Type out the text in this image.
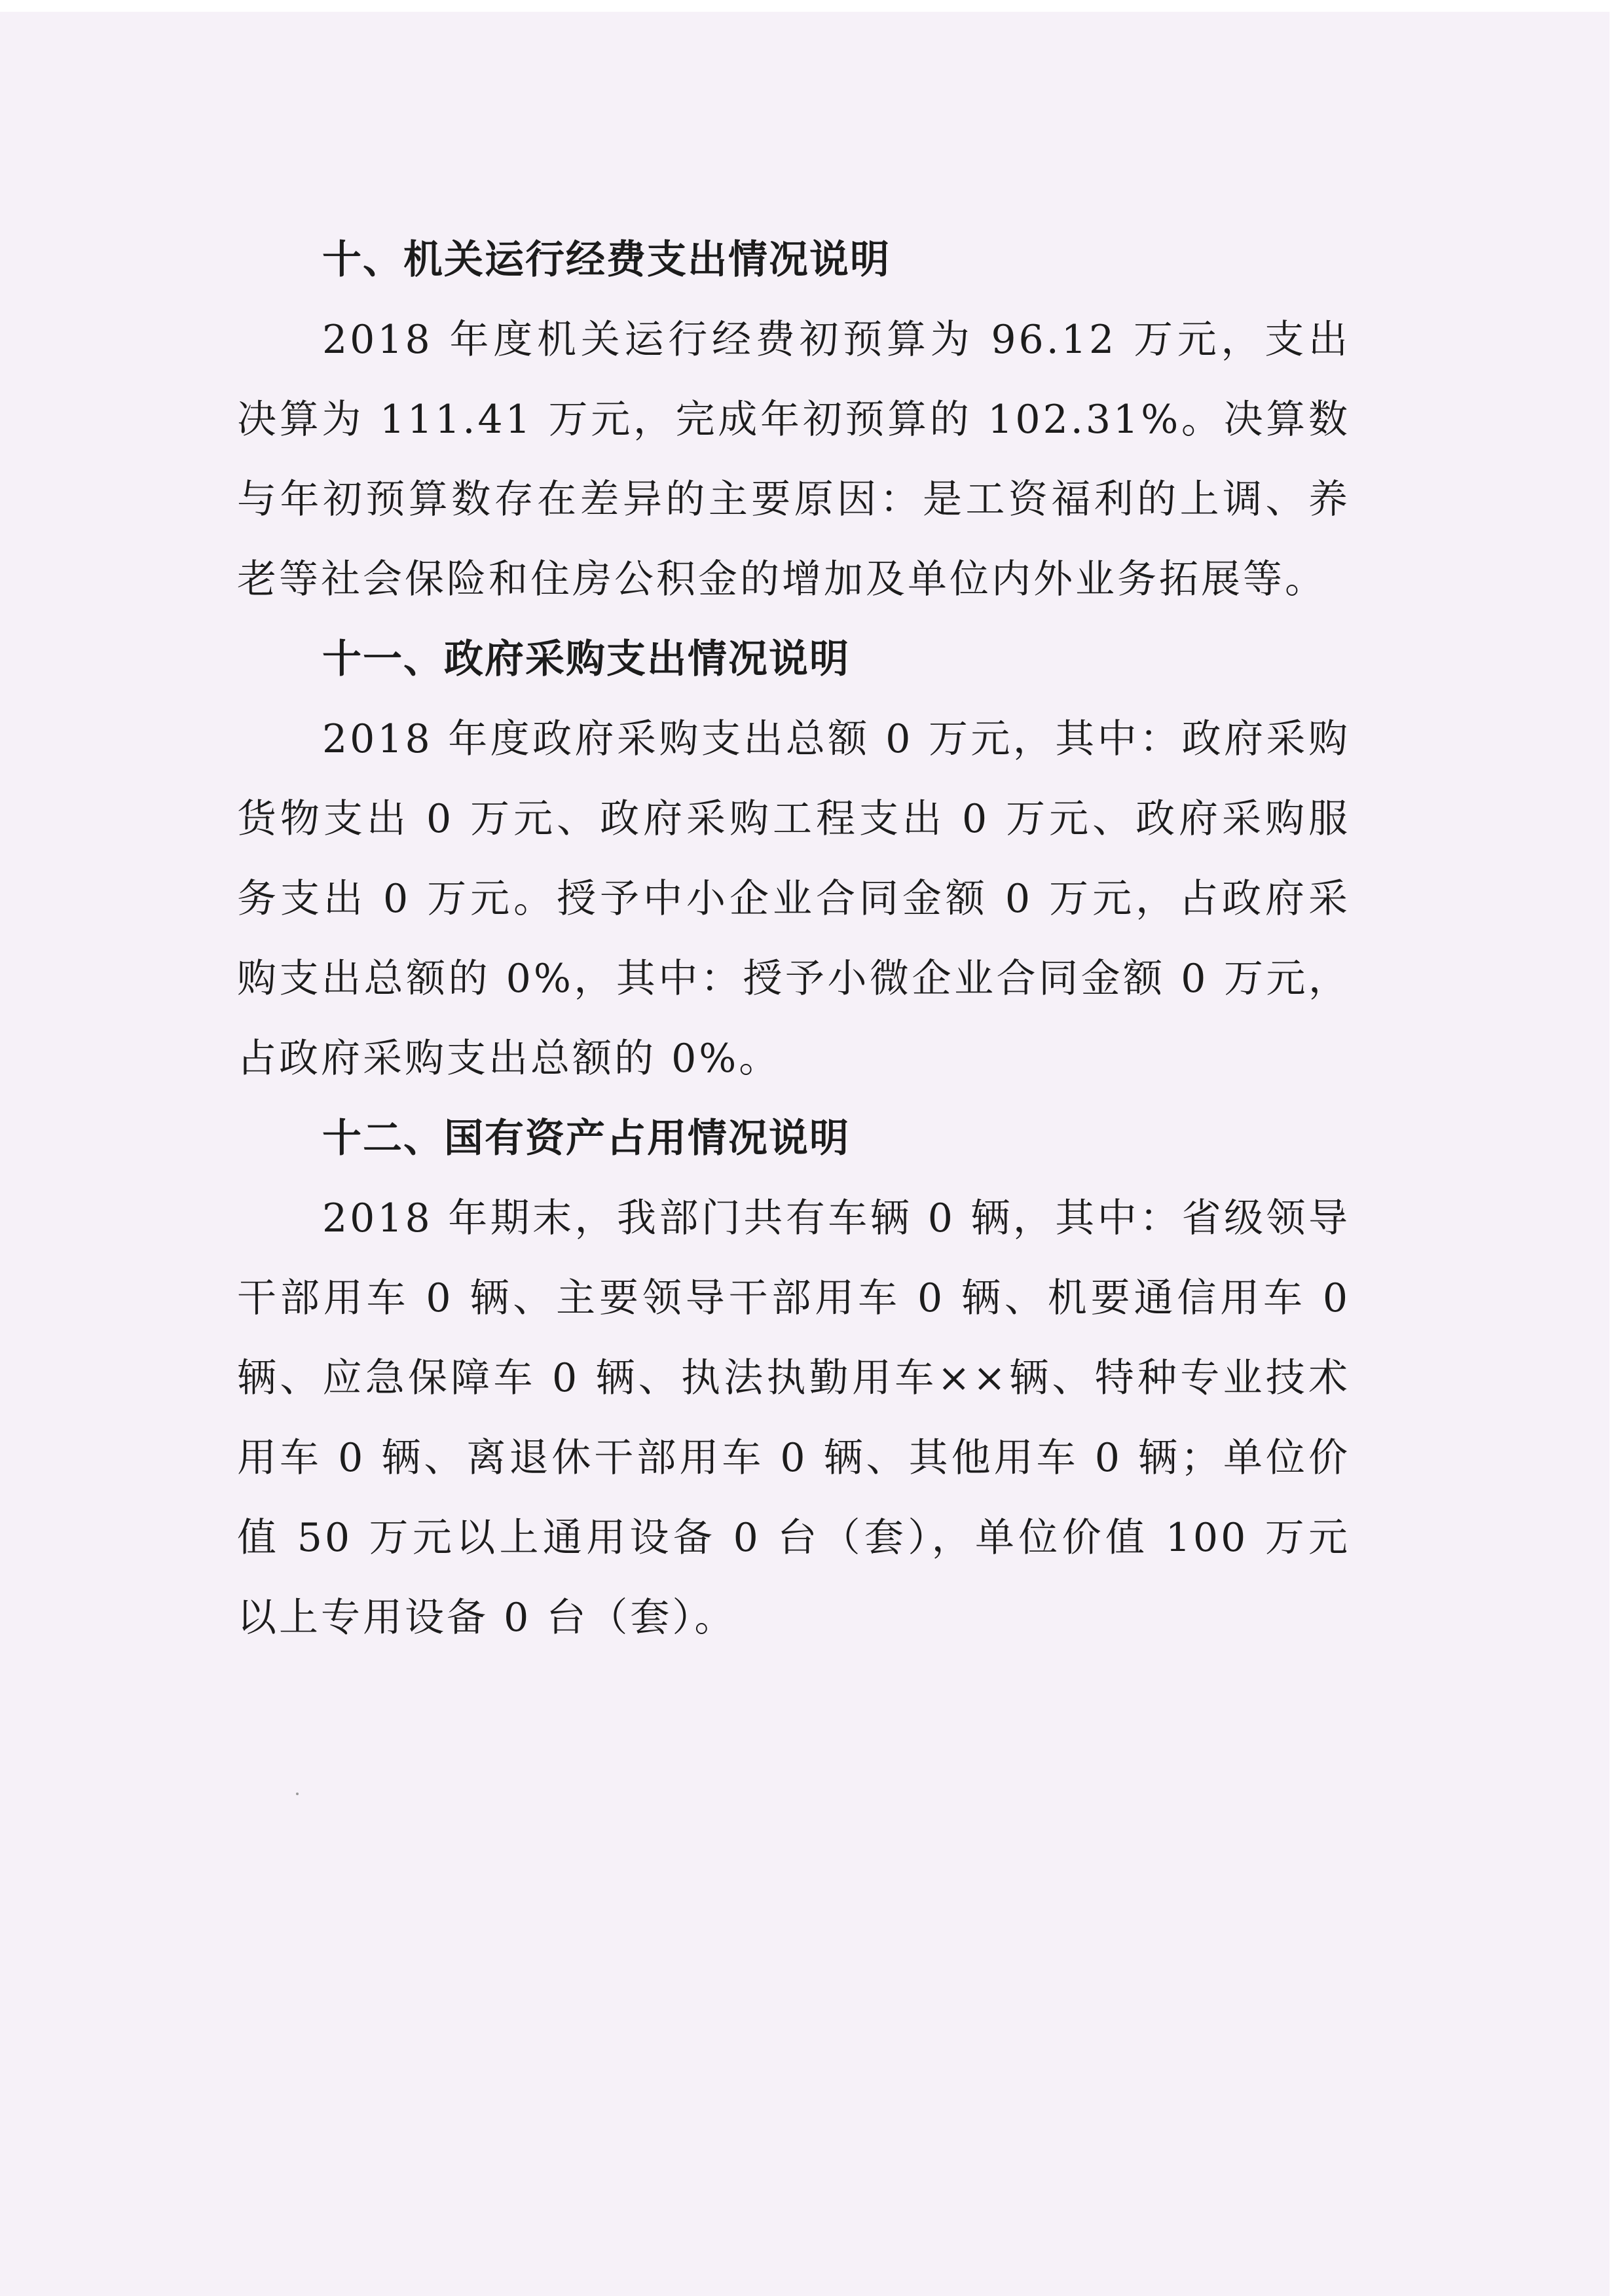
十、机关运行经费支出情况说明

2018 年度机关运行经费初预算为 96.12 万元，支出决算为 111.41 万元，完成年初预算的 102.31%。决算数与年初预算数存在差异的主要原因：是工资福利的上调、养老等社会保险和住房公积金的增加及单位内外业务拓展等。

十一、政府采购支出情况说明

2018 年度政府采购支出总额 0 万元，其中：政府采购货物支出 0 万元、政府采购工程支出 0 万元、政府采购服务支出 0 万元。授予中小企业合同金额 0 万元，占政府采购支出总额的 0%，其中：授予小微企业合同金额 0 万元，占政府采购支出总额的 0%。

十二、国有资产占用情况说明

2018 年期末，我部门共有车辆 0 辆，其中：省级领导干部用车 0 辆、主要领导干部用车 0 辆、机要通信用车 0 辆、应急保障车 0 辆、执法执勤用车××辆、特种专业技术用车 0 辆、离退休干部用车 0 辆、其他用车 0 辆；单位价值 50 万元以上通用设备 0 台（套），单位价值 100 万元以上专用设备 0 台（套）。
